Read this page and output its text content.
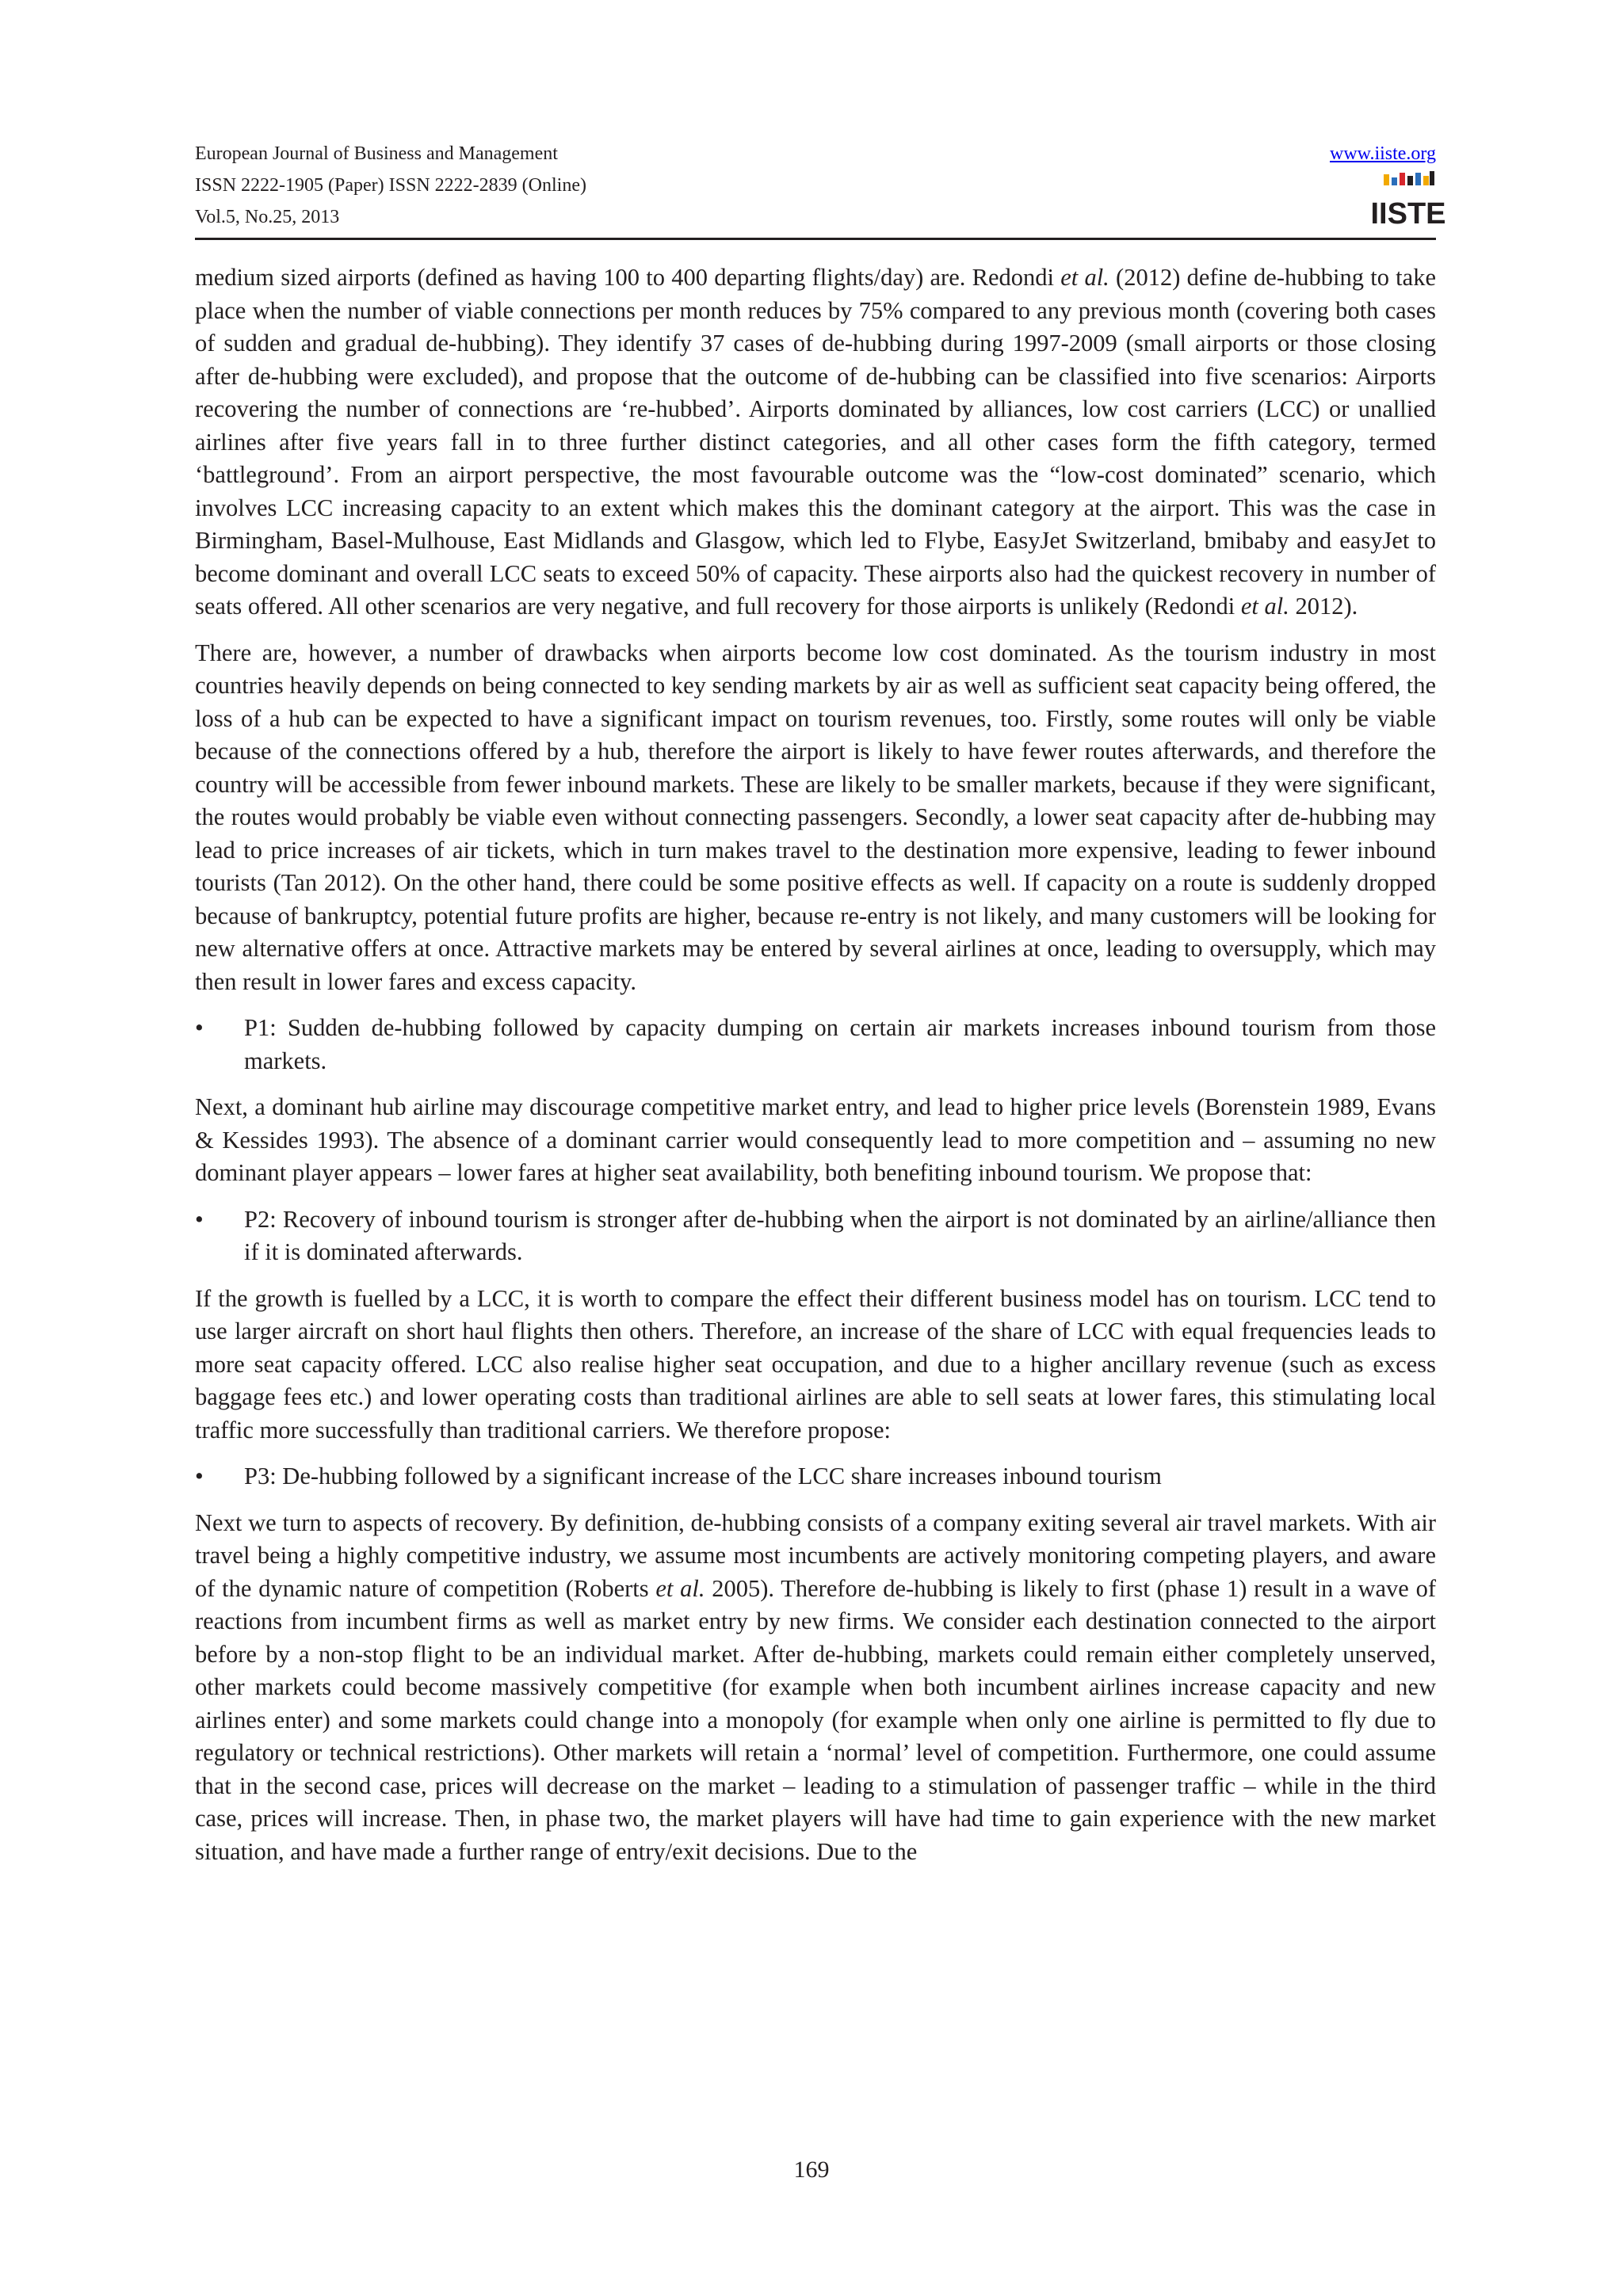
European Journal of Business and Management
ISSN 2222-1905 (Paper) ISSN 2222-2839 (Online)
Vol.5, No.25, 2013
www.iiste.org
IISTE

medium sized airports (defined as having 100 to 400 departing flights/day) are. Redondi et al. (2012) define de-hubbing to take place when the number of viable connections per month reduces by 75% compared to any previous month (covering both cases of sudden and gradual de-hubbing). They identify 37 cases of de-hubbing during 1997-2009 (small airports or those closing after de-hubbing were excluded), and propose that the outcome of de-hubbing can be classified into five scenarios: Airports recovering the number of connections are ‘re-hubbed’. Airports dominated by alliances, low cost carriers (LCC) or unallied airlines after five years fall in to three further distinct categories, and all other cases form the fifth category, termed ‘battleground’. From an airport perspective, the most favourable outcome was the “low-cost dominated” scenario, which involves LCC increasing capacity to an extent which makes this the dominant category at the airport. This was the case in Birmingham, Basel-Mulhouse, East Midlands and Glasgow, which led to Flybe, EasyJet Switzerland, bmibaby and easyJet to become dominant and overall LCC seats to exceed 50% of capacity. These airports also had the quickest recovery in number of seats offered. All other scenarios are very negative, and full recovery for those airports is unlikely (Redondi et al. 2012).

There are, however, a number of drawbacks when airports become low cost dominated. As the tourism industry in most countries heavily depends on being connected to key sending markets by air as well as sufficient seat capacity being offered, the loss of a hub can be expected to have a significant impact on tourism revenues, too. Firstly, some routes will only be viable because of the connections offered by a hub, therefore the airport is likely to have fewer routes afterwards, and therefore the country will be accessible from fewer inbound markets. These are likely to be smaller markets, because if they were significant, the routes would probably be viable even without connecting passengers. Secondly, a lower seat capacity after de-hubbing may lead to price increases of air tickets, which in turn makes travel to the destination more expensive, leading to fewer inbound tourists (Tan 2012). On the other hand, there could be some positive effects as well. If capacity on a route is suddenly dropped because of bankruptcy, potential future profits are higher, because re-entry is not likely, and many customers will be looking for new alternative offers at once. Attractive markets may be entered by several airlines at once, leading to oversupply, which may then result in lower fares and excess capacity.

• P1: Sudden de-hubbing followed by capacity dumping on certain air markets increases inbound tourism from those markets.

Next, a dominant hub airline may discourage competitive market entry, and lead to higher price levels (Borenstein 1989, Evans & Kessides 1993). The absence of a dominant carrier would consequently lead to more competition and – assuming no new dominant player appears – lower fares at higher seat availability, both benefiting inbound tourism. We propose that:

• P2: Recovery of inbound tourism is stronger after de-hubbing when the airport is not dominated by an airline/alliance then if it is dominated afterwards.

If the growth is fuelled by a LCC, it is worth to compare the effect their different business model has on tourism. LCC tend to use larger aircraft on short haul flights then others. Therefore, an increase of the share of LCC with equal frequencies leads to more seat capacity offered. LCC also realise higher seat occupation, and due to a higher ancillary revenue (such as excess baggage fees etc.) and lower operating costs than traditional airlines are able to sell seats at lower fares, this stimulating local traffic more successfully than traditional carriers. We therefore propose:

• P3: De-hubbing followed by a significant increase of the LCC share increases inbound tourism

Next we turn to aspects of recovery. By definition, de-hubbing consists of a company exiting several air travel markets. With air travel being a highly competitive industry, we assume most incumbents are actively monitoring competing players, and aware of the dynamic nature of competition (Roberts et al. 2005). Therefore de-hubbing is likely to first (phase 1) result in a wave of reactions from incumbent firms as well as market entry by new firms. We consider each destination connected to the airport before by a non-stop flight to be an individual market. After de-hubbing, markets could remain either completely unserved, other markets could become massively competitive (for example when both incumbent airlines increase capacity and new airlines enter) and some markets could change into a monopoly (for example when only one airline is permitted to fly due to regulatory or technical restrictions). Other markets will retain a ‘normal’ level of competition. Furthermore, one could assume that in the second case, prices will decrease on the market – leading to a stimulation of passenger traffic – while in the third case, prices will increase. Then, in phase two, the market players will have had time to gain experience with the new market situation, and have made a further range of entry/exit decisions. Due to the

169
